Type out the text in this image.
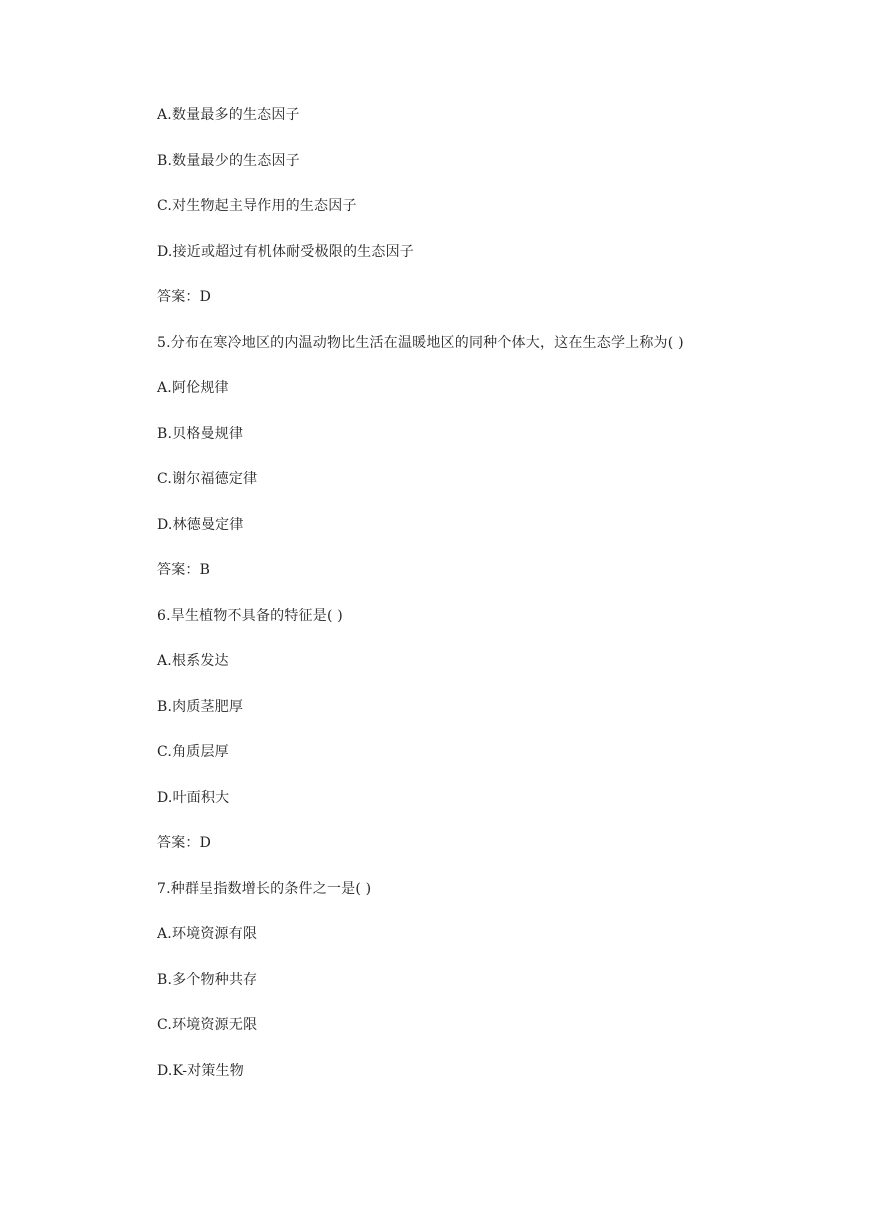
A.数量最多的生态因子
B.数量最少的生态因子
C.对生物起主导作用的生态因子
D.接近或超过有机体耐受极限的生态因子
答案：D
5.分布在寒冷地区的内温动物比生活在温暖地区的同种个体大，这在生态学上称为( )
A.阿伦规律
B.贝格曼规律
C.谢尔福德定律
D.林德曼定律
答案：B
6.旱生植物不具备的特征是( )
A.根系发达
B.肉质茎肥厚
C.角质层厚
D.叶面积大
答案：D
7.种群呈指数增长的条件之一是( )
A.环境资源有限
B.多个物种共存
C.环境资源无限
D.K-对策生物
